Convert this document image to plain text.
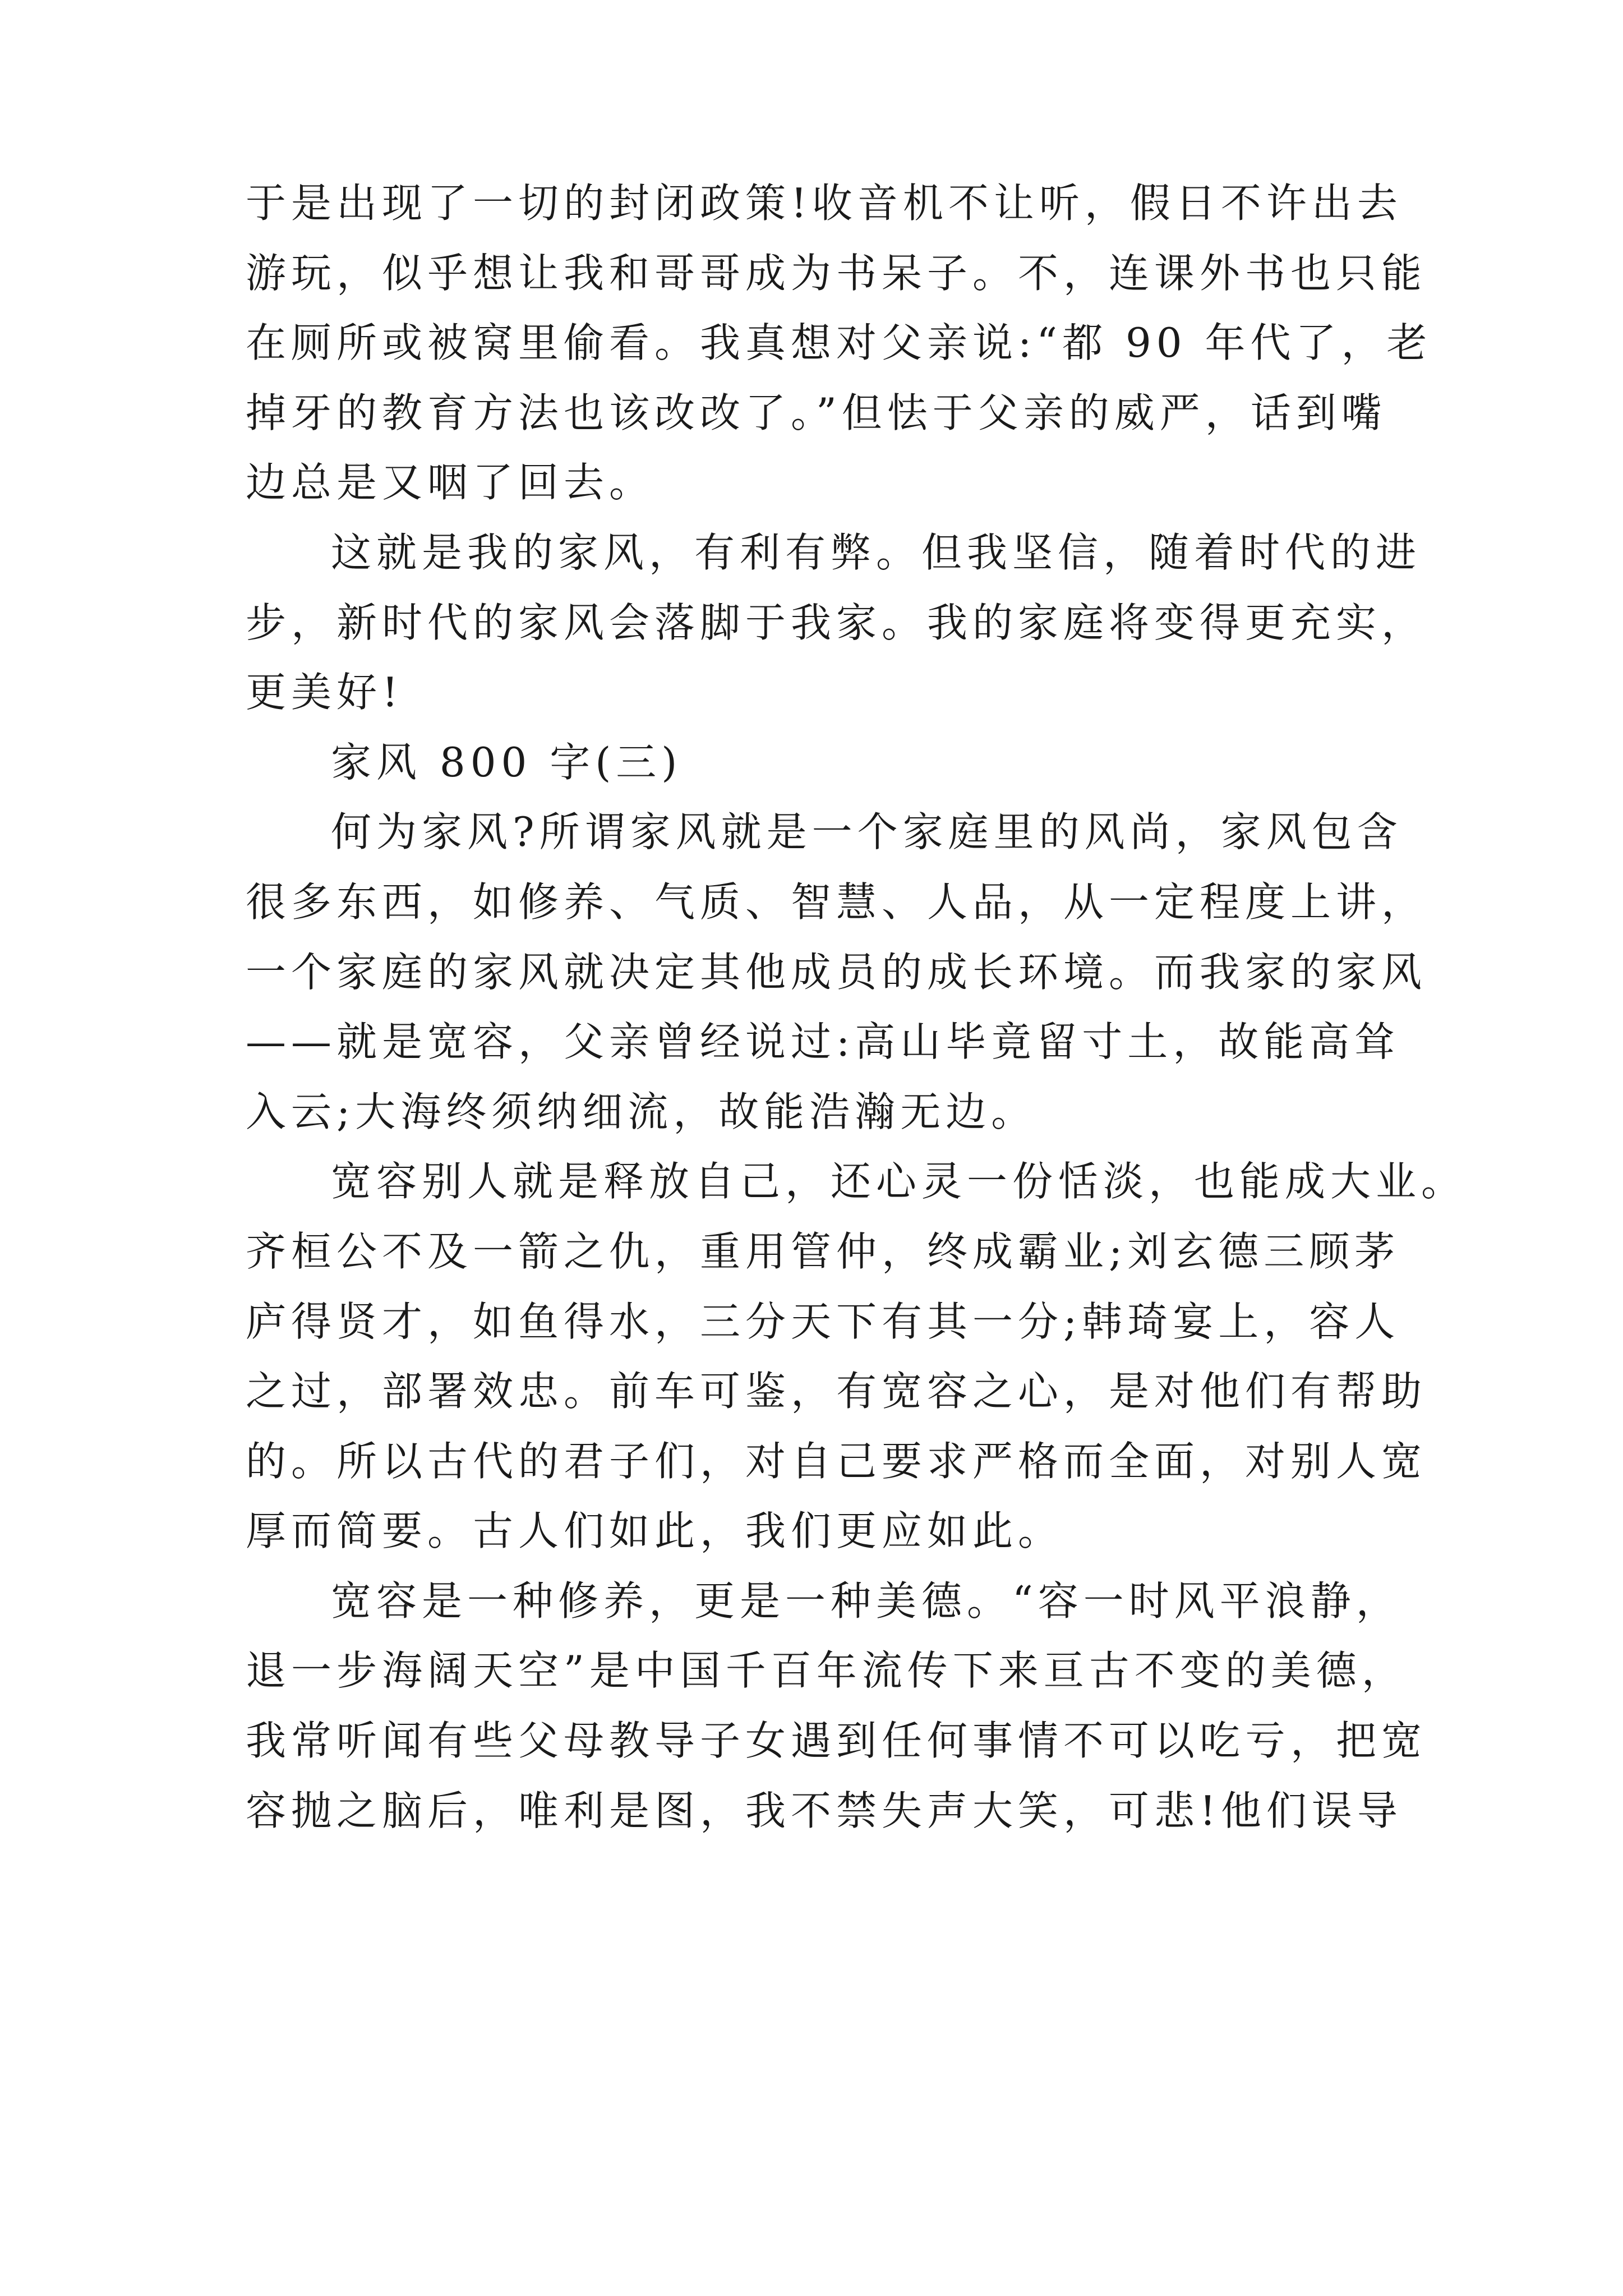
于是出现了一切的封闭政策!收音机不让听，假日不许出去
游玩，似乎想让我和哥哥成为书呆子。不，连课外书也只能
在厕所或被窝里偷看。我真想对父亲说:“都 90 年代了，老
掉牙的教育方法也该改改了。”但怯于父亲的威严，话到嘴
边总是又咽了回去。
这就是我的家风，有利有弊。但我坚信，随着时代的进
步，新时代的家风会落脚于我家。我的家庭将变得更充实，
更美好!
家风 800 字(三)
何为家风?所谓家风就是一个家庭里的风尚，家风包含
很多东西，如修养、气质、智慧、人品，从一定程度上讲，
一个家庭的家风就决定其他成员的成长环境。而我家的家风
——就是宽容，父亲曾经说过:高山毕竟留寸土，故能高耸
入云;大海终须纳细流，故能浩瀚无边。
宽容别人就是释放自己，还心灵一份恬淡，也能成大业。
齐桓公不及一箭之仇，重用管仲，终成霸业;刘玄德三顾茅
庐得贤才，如鱼得水，三分天下有其一分;韩琦宴上，容人
之过，部署效忠。前车可鉴，有宽容之心，是对他们有帮助
的。所以古代的君子们，对自己要求严格而全面，对别人宽
厚而简要。古人们如此，我们更应如此。
宽容是一种修养，更是一种美德。“容一时风平浪静，
退一步海阔天空”是中国千百年流传下来亘古不变的美德，
我常听闻有些父母教导子女遇到任何事情不可以吃亏，把宽
容抛之脑后，唯利是图，我不禁失声大笑，可悲!他们误导
